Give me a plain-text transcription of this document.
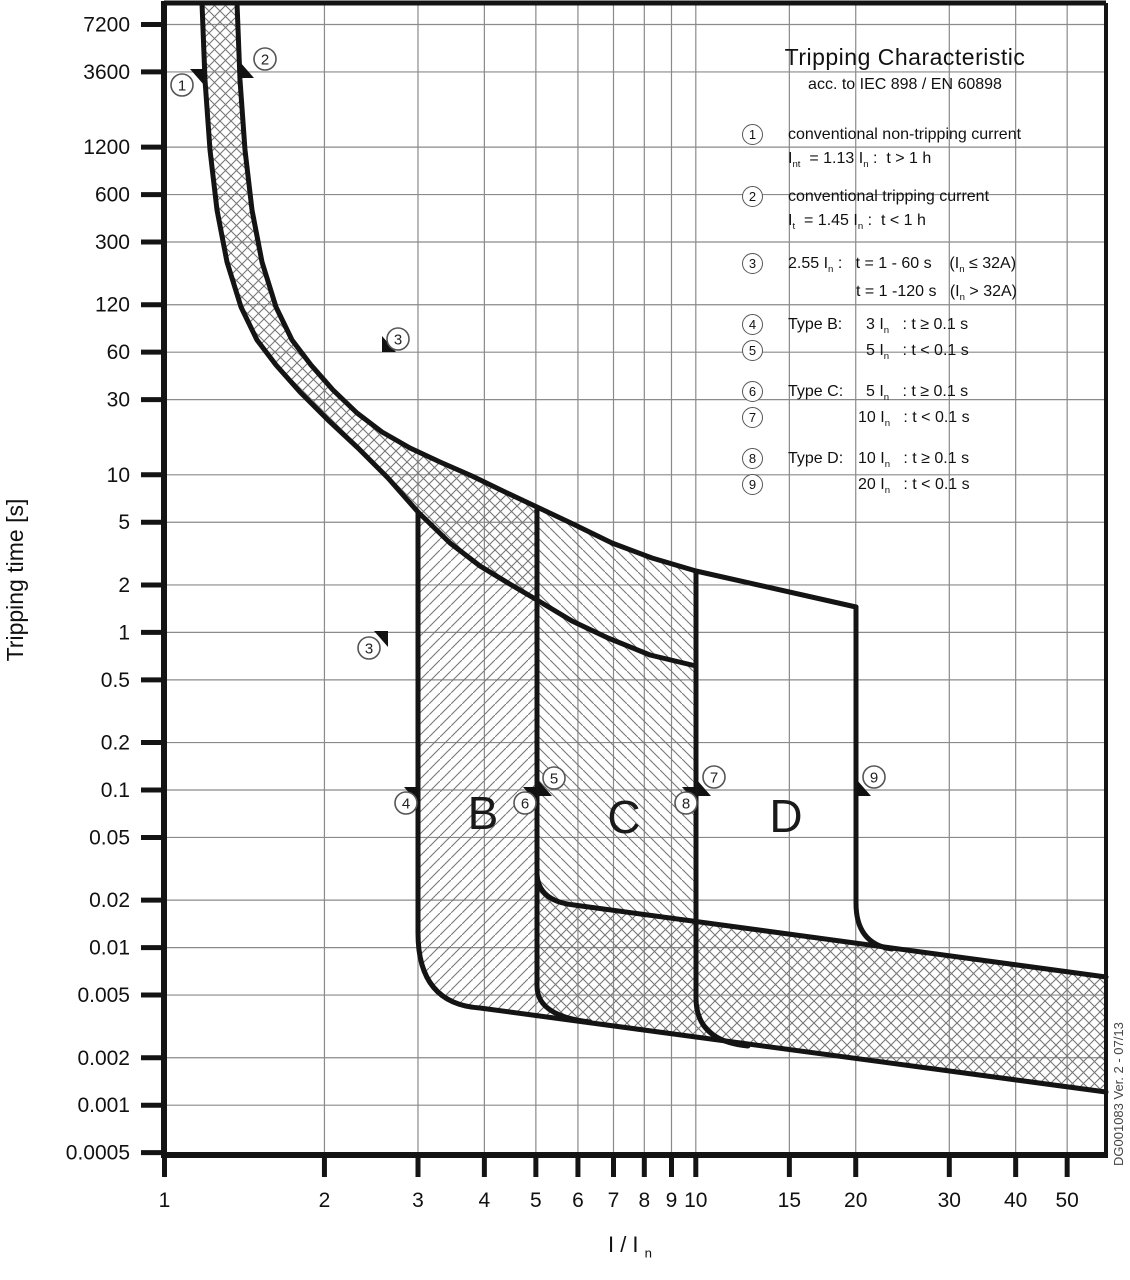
7200
3600
1200
600
300
120
60
30
10
5
2
1
0.5
0.2
0.1
0.05
0.02
0.01
0.005
0.002
0.001
0.0005
1	2	3	4 5 6 7 8 9 10	15 20	30 40 50
B C	D
1
2
3
3
4
5
6
7
8
9
Tripping time [s]
I / I $_n$
DG001083 Ver. 2 - 07/13
Tripping Characteristic
acc. to IEC 898 / EN 60898
1	conventional non-tripping current
$I_{nt} = 1.13$ $I_n$ :  t > 1 h
2	conventional tripping current
$I_t = 1.45$ $I_n$ :  t < 1 h
3	2.55 $I_n$ :   t = 1 - 60 s    $(I_n \le 32A)$
t = 1 -120 s   $(I_n > 32A)$
4	Type B: 3 $I_n$   : t ≥ 0.1 s
5	5 $I_n$   : t < 0.1 s
6	Type C: 5 $I_n$   : t ≥ 0.1 s
7	10 $I_n$   : t < 0.1 s
8	Type D: 10 $I_n$   : t ≥ 0.1 s
9	20 $I_n$   : t < 0.1 s
